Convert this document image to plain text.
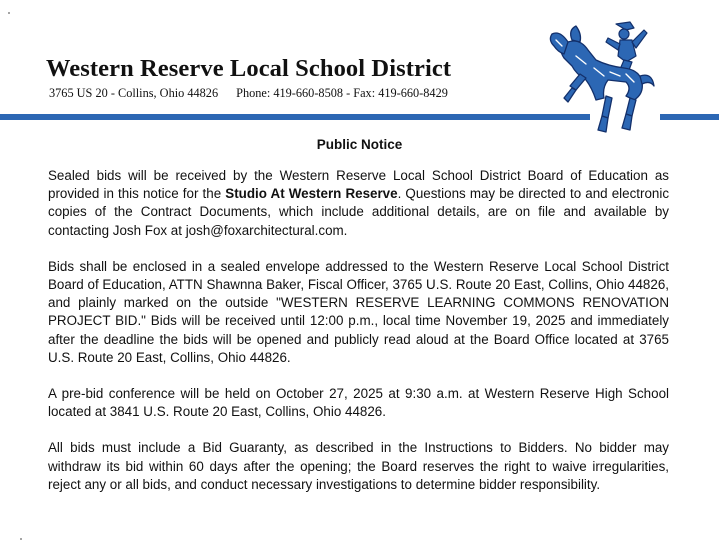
Western Reserve Local School District
3765 US 20 - Collins, Ohio 44826 Phone: 419-660-8508 - Fax: 419-660-8429
Public Notice

Sealed bids will be received by the Western Reserve Local School District Board of Education as provided in this notice for the Studio At Western Reserve. Questions may be directed to and electronic copies of the Contract Documents, which include additional details, are on file and available by contacting Josh Fox at josh@foxarchitectural.com.

Bids shall be enclosed in a sealed envelope addressed to the Western Reserve Local School District Board of Education, ATTN Shawnna Baker, Fiscal Officer, 3765 U.S. Route 20 East, Collins, Ohio 44826, and plainly marked on the outside "WESTERN RESERVE LEARNING COMMONS RENOVATION PROJECT BID." Bids will be received until 12:00 p.m., local time November 19, 2025 and immediately after the deadline the bids will be opened and publicly read aloud at the Board Office located at 3765 U.S. Route 20 East, Collins, Ohio 44826.

A pre-bid conference will be held on October 27, 2025 at 9:30 a.m. at Western Reserve High School located at 3841 U.S. Route 20 East, Collins, Ohio 44826.

All bids must include a Bid Guaranty, as described in the Instructions to Bidders. No bidder may withdraw its bid within 60 days after the opening; the Board reserves the right to waive irregularities, reject any or all bids, and conduct necessary investigations to determine bidder responsibility.
